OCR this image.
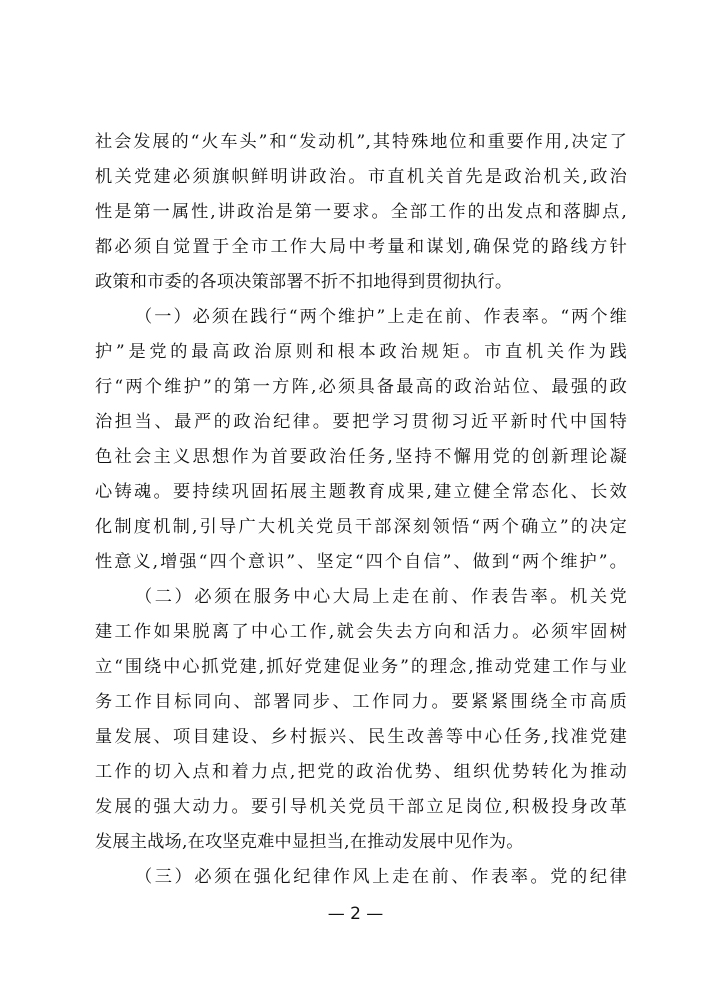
社会发展的“火车头”和“发动机”,其特殊地位和重要作用,决定了
机关党建必须旗帜鲜明讲政治。市直机关首先是政治机关,政治
性是第一属性,讲政治是第一要求。全部工作的出发点和落脚点,
都必须自觉置于全市工作大局中考量和谋划,确保党的路线方针
政策和市委的各项决策部署不折不扣地得到贯彻执行。
（一）必须在践行“两个维护”上走在前、作表率。“两个维
护”是党的最高政治原则和根本政治规矩。市直机关作为践
行“两个维护”的第一方阵,必须具备最高的政治站位、最强的政
治担当、最严的政治纪律。要把学习贯彻习近平新时代中国特
色社会主义思想作为首要政治任务,坚持不懈用党的创新理论凝
心铸魂。要持续巩固拓展主题教育成果,建立健全常态化、长效
化制度机制,引导广大机关党员干部深刻领悟“两个确立”的决定
性意义,增强“四个意识”、坚定“四个自信”、做到“两个维护”。
（二）必须在服务中心大局上走在前、作表告率。机关党
建工作如果脱离了中心工作,就会失去方向和活力。必须牢固树
立“围绕中心抓党建,抓好党建促业务”的理念,推动党建工作与业
务工作目标同向、部署同步、工作同力。要紧紧围绕全市高质
量发展、项目建设、乡村振兴、民生改善等中心任务,找准党建
工作的切入点和着力点,把党的政治优势、组织优势转化为推动
发展的强大动力。要引导机关党员干部立足岗位,积极投身改革
发展主战场,在攻坚克难中显担当,在推动发展中见作为。
（三）必须在强化纪律作风上走在前、作表率。党的纪律
— 2 —
